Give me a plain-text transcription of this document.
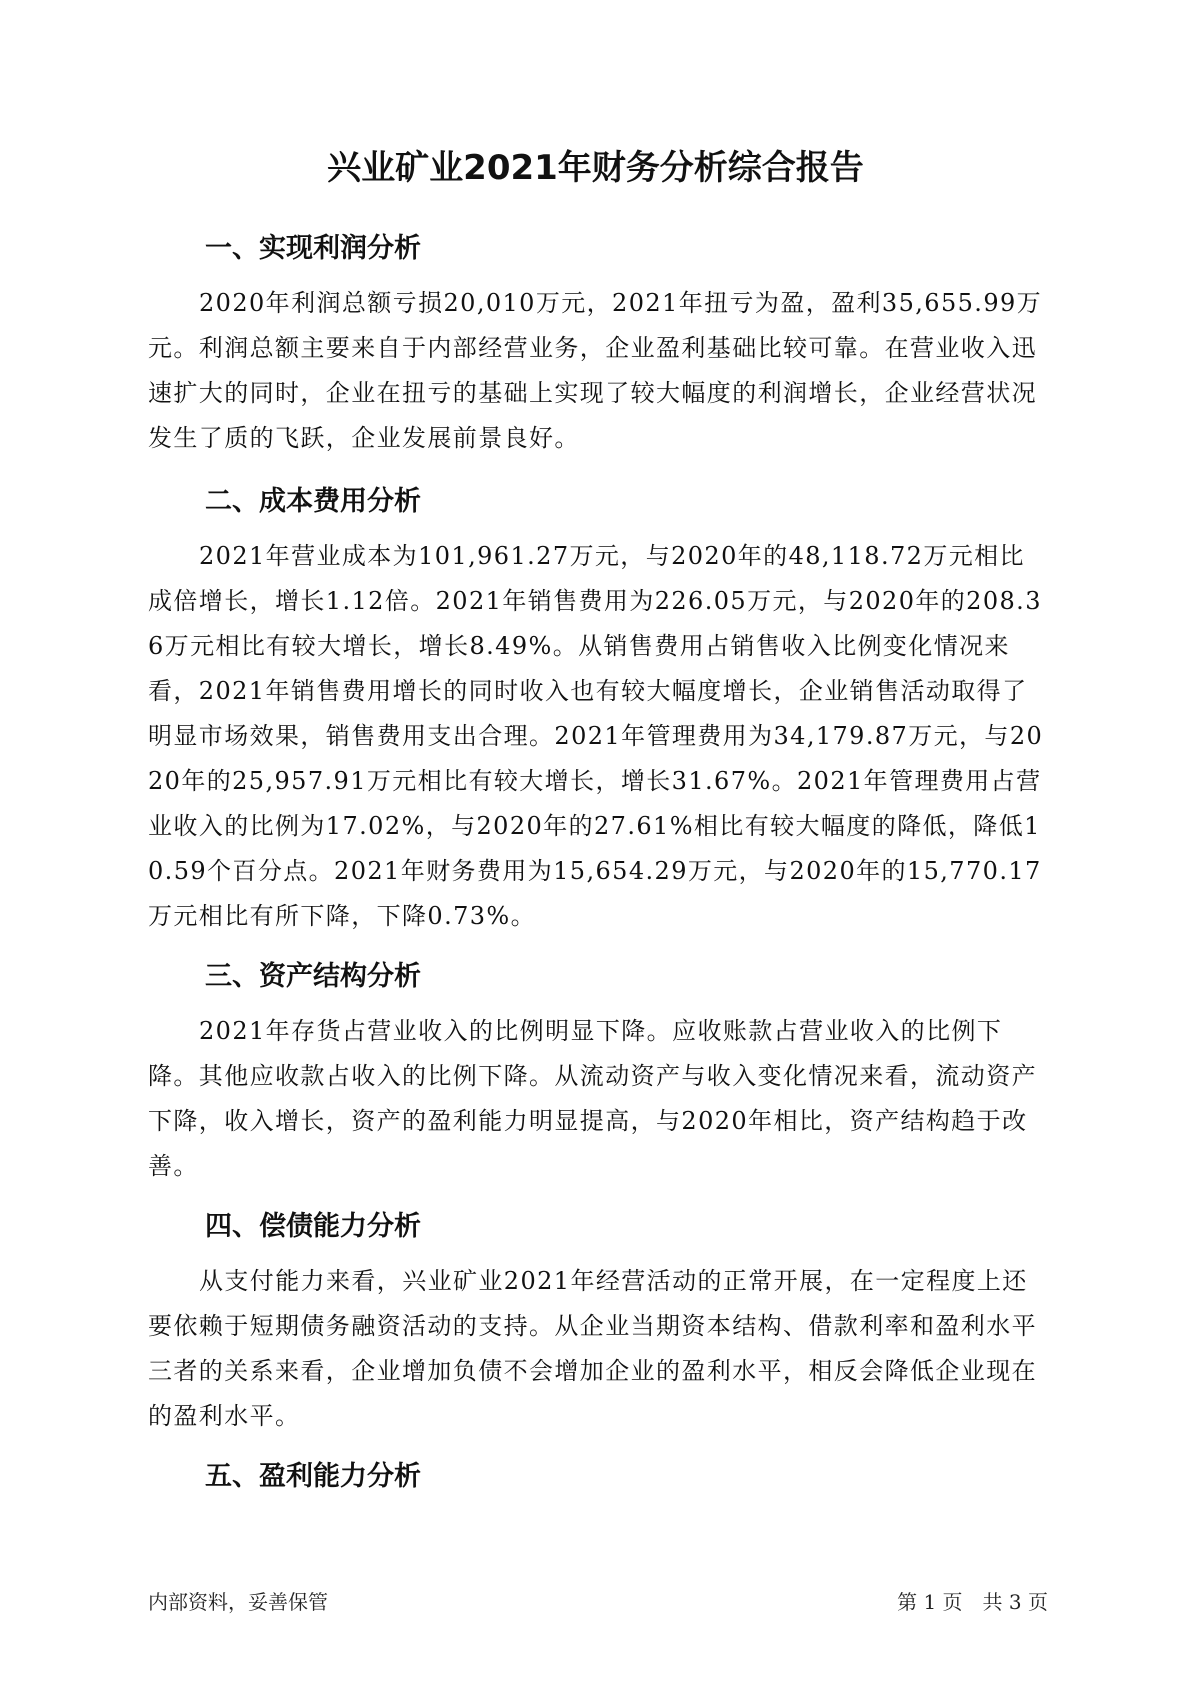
兴业矿业2021年财务分析综合报告
一、实现利润分析

2020年利润总额亏损20,010万元，2021年扭亏为盈，盈利35,655.99万元。利润总额主要来自于内部经营业务，企业盈利基础比较可靠。在营业收入迅速扩大的同时，企业在扭亏的基础上实现了较大幅度的利润增长，企业经营状况发生了质的飞跃，企业发展前景良好。

二、成本费用分析

2021年营业成本为101,961.27万元，与2020年的48,118.72万元相比成倍增长，增长1.12倍。2021年销售费用为226.05万元，与2020年的208.36万元相比有较大增长，增长8.49%。从销售费用占销售收入比例变化情况来看，2021年销售费用增长的同时收入也有较大幅度增长，企业销售活动取得了明显市场效果，销售费用支出合理。2021年管理费用为34,179.87万元，与2020年的25,957.91万元相比有较大增长，增长31.67%。2021年管理费用占营业收入的比例为17.02%，与2020年的27.61%相比有较大幅度的降低，降低10.59个百分点。2021年财务费用为15,654.29万元，与2020年的15,770.17万元相比有所下降，下降0.73%。

三、资产结构分析

2021年存货占营业收入的比例明显下降。应收账款占营业收入的比例下降。其他应收款占收入的比例下降。从流动资产与收入变化情况来看，流动资产下降，收入增长，资产的盈利能力明显提高，与2020年相比，资产结构趋于改善。

四、偿债能力分析

从支付能力来看，兴业矿业2021年经营活动的正常开展，在一定程度上还要依赖于短期债务融资活动的支持。从企业当期资本结构、借款利率和盈利水平三者的关系来看，企业增加负债不会增加企业的盈利水平，相反会降低企业现在的盈利水平。

五、盈利能力分析
内部资料，妥善保管	第 1 页　共 3 页
